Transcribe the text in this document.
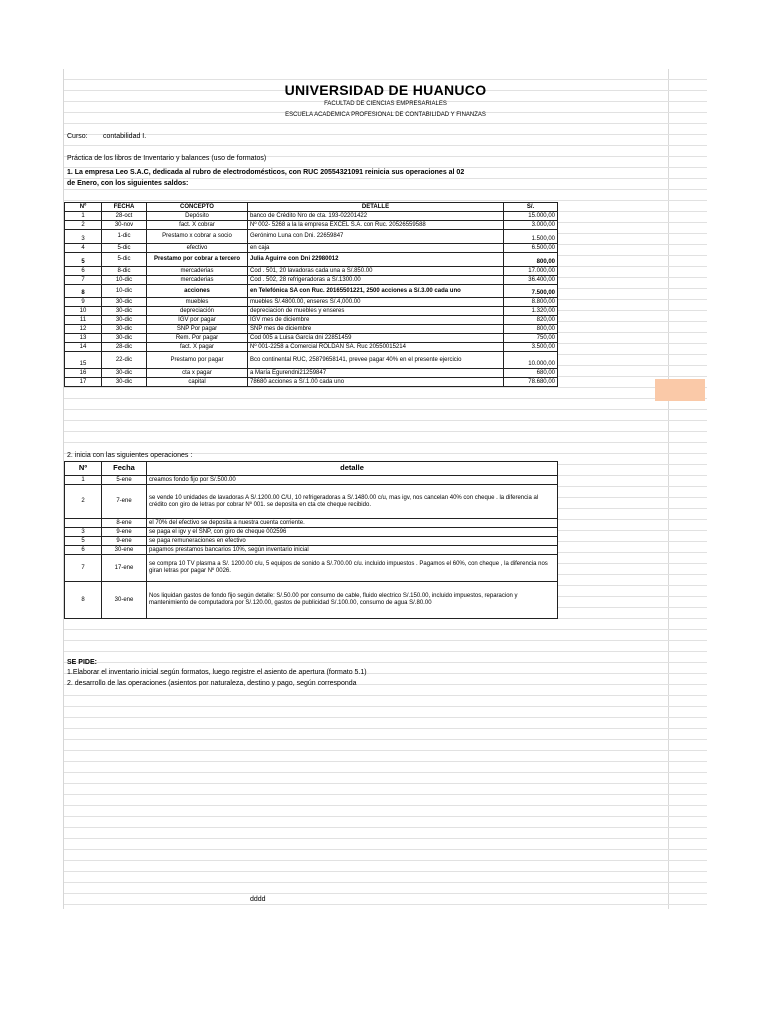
UNIVERSIDAD DE HUANUCO
FACULTAD DE CIENCIAS EMPRESARIALES
ESCUELA ACADEMICA PROFESIONAL DE CONTABILIDAD Y FINANZAS
Curso: contabilidad I.
Práctica de los libros de Inventario y balances (uso de formatos)
1. La empresa Leo S.A.C, dedicada al rubro de electrodomésticos, con RUC 20554321091 reinicia sus operaciones al 02
de Enero, con los siguientes saldos:
Nº	FECHA	CONCEPTO	DETALLE	S/.
1	28-oct	Depósito	banco de Crédito Nro de cta. 193-02201422	15.000,00
2	30-nov	fact. X cobrar	Nº 002- 5268 a la la empresa EXCEL S.A. con Ruc. 20526559588	3.000,00
3	1-dic	Prestamo x cobrar a socio	Gerónimo Luna con Dni. 22659847	1.500,00
4	5-dic	efectivo	en caja	6.500,00
5	5-dic	Prestamo por cobrar a tercero	Julia Aguirre con Dni 22980012	800,00
6	8-dic	mercaderias	Cod . 501, 20 lavadoras cada una a S/.850.00	17.000,00
7	10-dic	mercaderias	Cod . 502, 28 refrigeradoras a S/.1300.00	36.400,00
8	10-dic	acciones	en Telefónica SA con Ruc. 20165501221, 2500 acciones a S/.3.00 cada uno	7.500,00
9	30-dic	muebles	muebles S/.4800.00, enseres S/.4,000.00	8.800,00
10	30-dic	depreciación	depreciacion de muebles y enseres	1.320,00
11	30-dic	IGV por pagar	IGV mes de diciembre	820,00
12	30-dic	SNP Por pagar	SNP mes de diciembre	800,00
13	30-dic	Rem. Por pagar	Cod 005 a Luisa García dni 22851459	750,00
14	28-dic	fact. X pagar	Nº 001-2258 a Comercial ROLDAN SA. Ruc 20550015214	3.500,00
15	22-dic	Prestamo por pagar	Bco continental RUC, 25879658141, prevee pagar 40% en el presente ejercicio	10.000,00
16	30-dic	cta x pagar	a María Egurendni21259847	680,00
17	30-dic	capital	78680 acciones a S/.1.00 cada uno	78.680,00
2. inicia con las siguientes operaciones :
Nº	Fecha	detalle
1	5-ene	creamos fondo fijo por S/.500.00
2	7-ene	se vende 10 unidades de lavadoras A S/.1200.00 C/U, 10 refrigeradoras a S/.1480.00 c/u, mas igv, nos cancelan 40% con cheque . la diferencia al crédito con giro de letras por cobrar Nº 001. se deposita en cta cte cheque recibido.
	8-ene	el 70% del efectivo se deposita a nuestra cuenta corriente.
3	9-ene	se paga el igv y el SNP, con giro de cheque 002596
5	9-ene	se paga remuneraciones en efectivo
6	30-ene	pagamos prestamos bancarios 10%, según inventario inicial
7	17-ene	se compra 10 TV plasma a S/. 1200.00 c/u, 5 equipos de sonido a S/.700.00 c/u. incluido impuestos . Pagamos el 60%, con cheque , la diferencia nos giran letras por pagar Nº 0026.
8	30-ene	Nos liquidan gastos de fondo fijo según detalle: S/.50.00 por consumo de cable, fluido electrico S/.150.00, incluido impuestos, reparacion y mantenimiento de computadora por S/.120.00, gastos de publicidad S/.100.00, consumo de agua S/.80.00
SE PIDE:
1.Elaborar el inventario inicial según formatos, luego registre el asiento de apertura (formato 5.1)
2. desarrollo de las operaciones (asientos por naturaleza, destino y pago, según corresponda
dddd
